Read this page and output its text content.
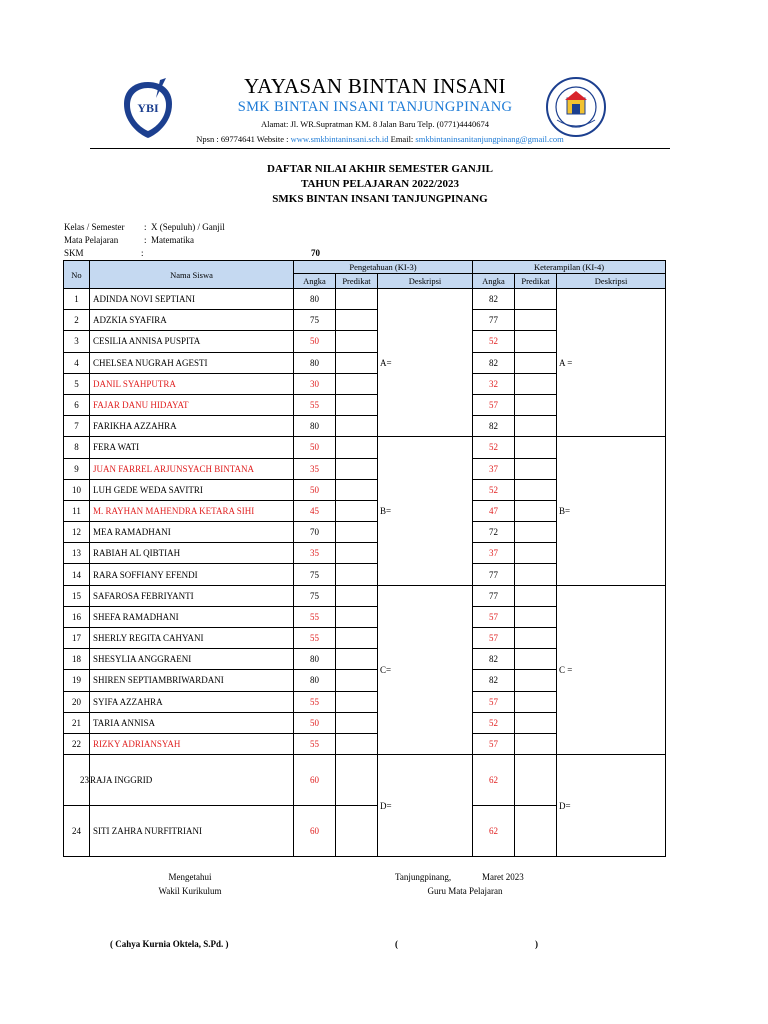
YBI
YAYASAN BINTAN INSANI
SMK BINTAN INSANI TANJUNGPINANG
Alamat: Jl. WR.Supratman KM. 8 Jalan Baru Telp. (0771)4440674
Npsn : 69774641 Website : www.smkbintaninsani.sch.id Email: smkbintaninsanitanjungpinang@gmail.com
DAFTAR NILAI AKHIR SEMESTER GANJIL
TAHUN PELAJARAN 2022/2023
SMKS BINTAN INSANI TANJUNGPINANG
Kelas / Semester : X (Sepuluh) / Ganjil
Mata Pelajaran	: Matematika
SKM	:	70
No	Nama Siswa	Pengetahuan (KI-3)			Keterampilan (KI-4)		
		Angka	Predikat	Deskripsi	Angka	Predikat	Deskripsi
1	ADINDA NOVI SEPTIANI	80		A=	82		A =
2	ADZKIA SYAFIRA	75			77		
3	CESILIA ANNISA PUSPITA	50			52		
4	CHELSEA NUGRAH AGESTI	80			82		
5	DANIL SYAHPUTRA	30			32		
6	FAJAR DANU HIDAYAT	55			57		
7	FARIKHA AZZAHRA	80			82		
8	FERA WATI	50		B=	52		B=
9	JUAN FARREL ARJUNSYACH BINTANA	35			37		
10	LUH GEDE WEDA SAVITRI	50			52		
11	M. RAYHAN MAHENDRA KETARA SIHI	45			47		
12	MEA RAMADHANI	70			72		
13	RABIAH AL QIBTIAH	35			37		
14	RARA SOFFIANY EFENDI	75			77		
15	SAFAROSA FEBRIYANTI	75		C=	77		C =
16	SHEFA RAMADHANI	55			57		
17	SHERLY REGITA CAHYANI	55			57		
18	SHESYLIA ANGGRAENI	80			82		
19	SHIREN SEPTIAMBRIWARDANI	80			82		
20	SYIFA AZZAHRA	55			57		
21	TARIA ANNISA	50			52		
22	RIZKY ADRIANSYAH	55			57		
23	RAJA INGGRID	60		D=	62		D=
24	SITI ZAHRA NURFITRIANI	60			62		
Mengetahui
Wakil Kurikulum
( Cahya Kurnia Oktela, S.Pd. )
Tanjungpinang,	Maret 2023
Guru Mata Pelajaran
(	)
